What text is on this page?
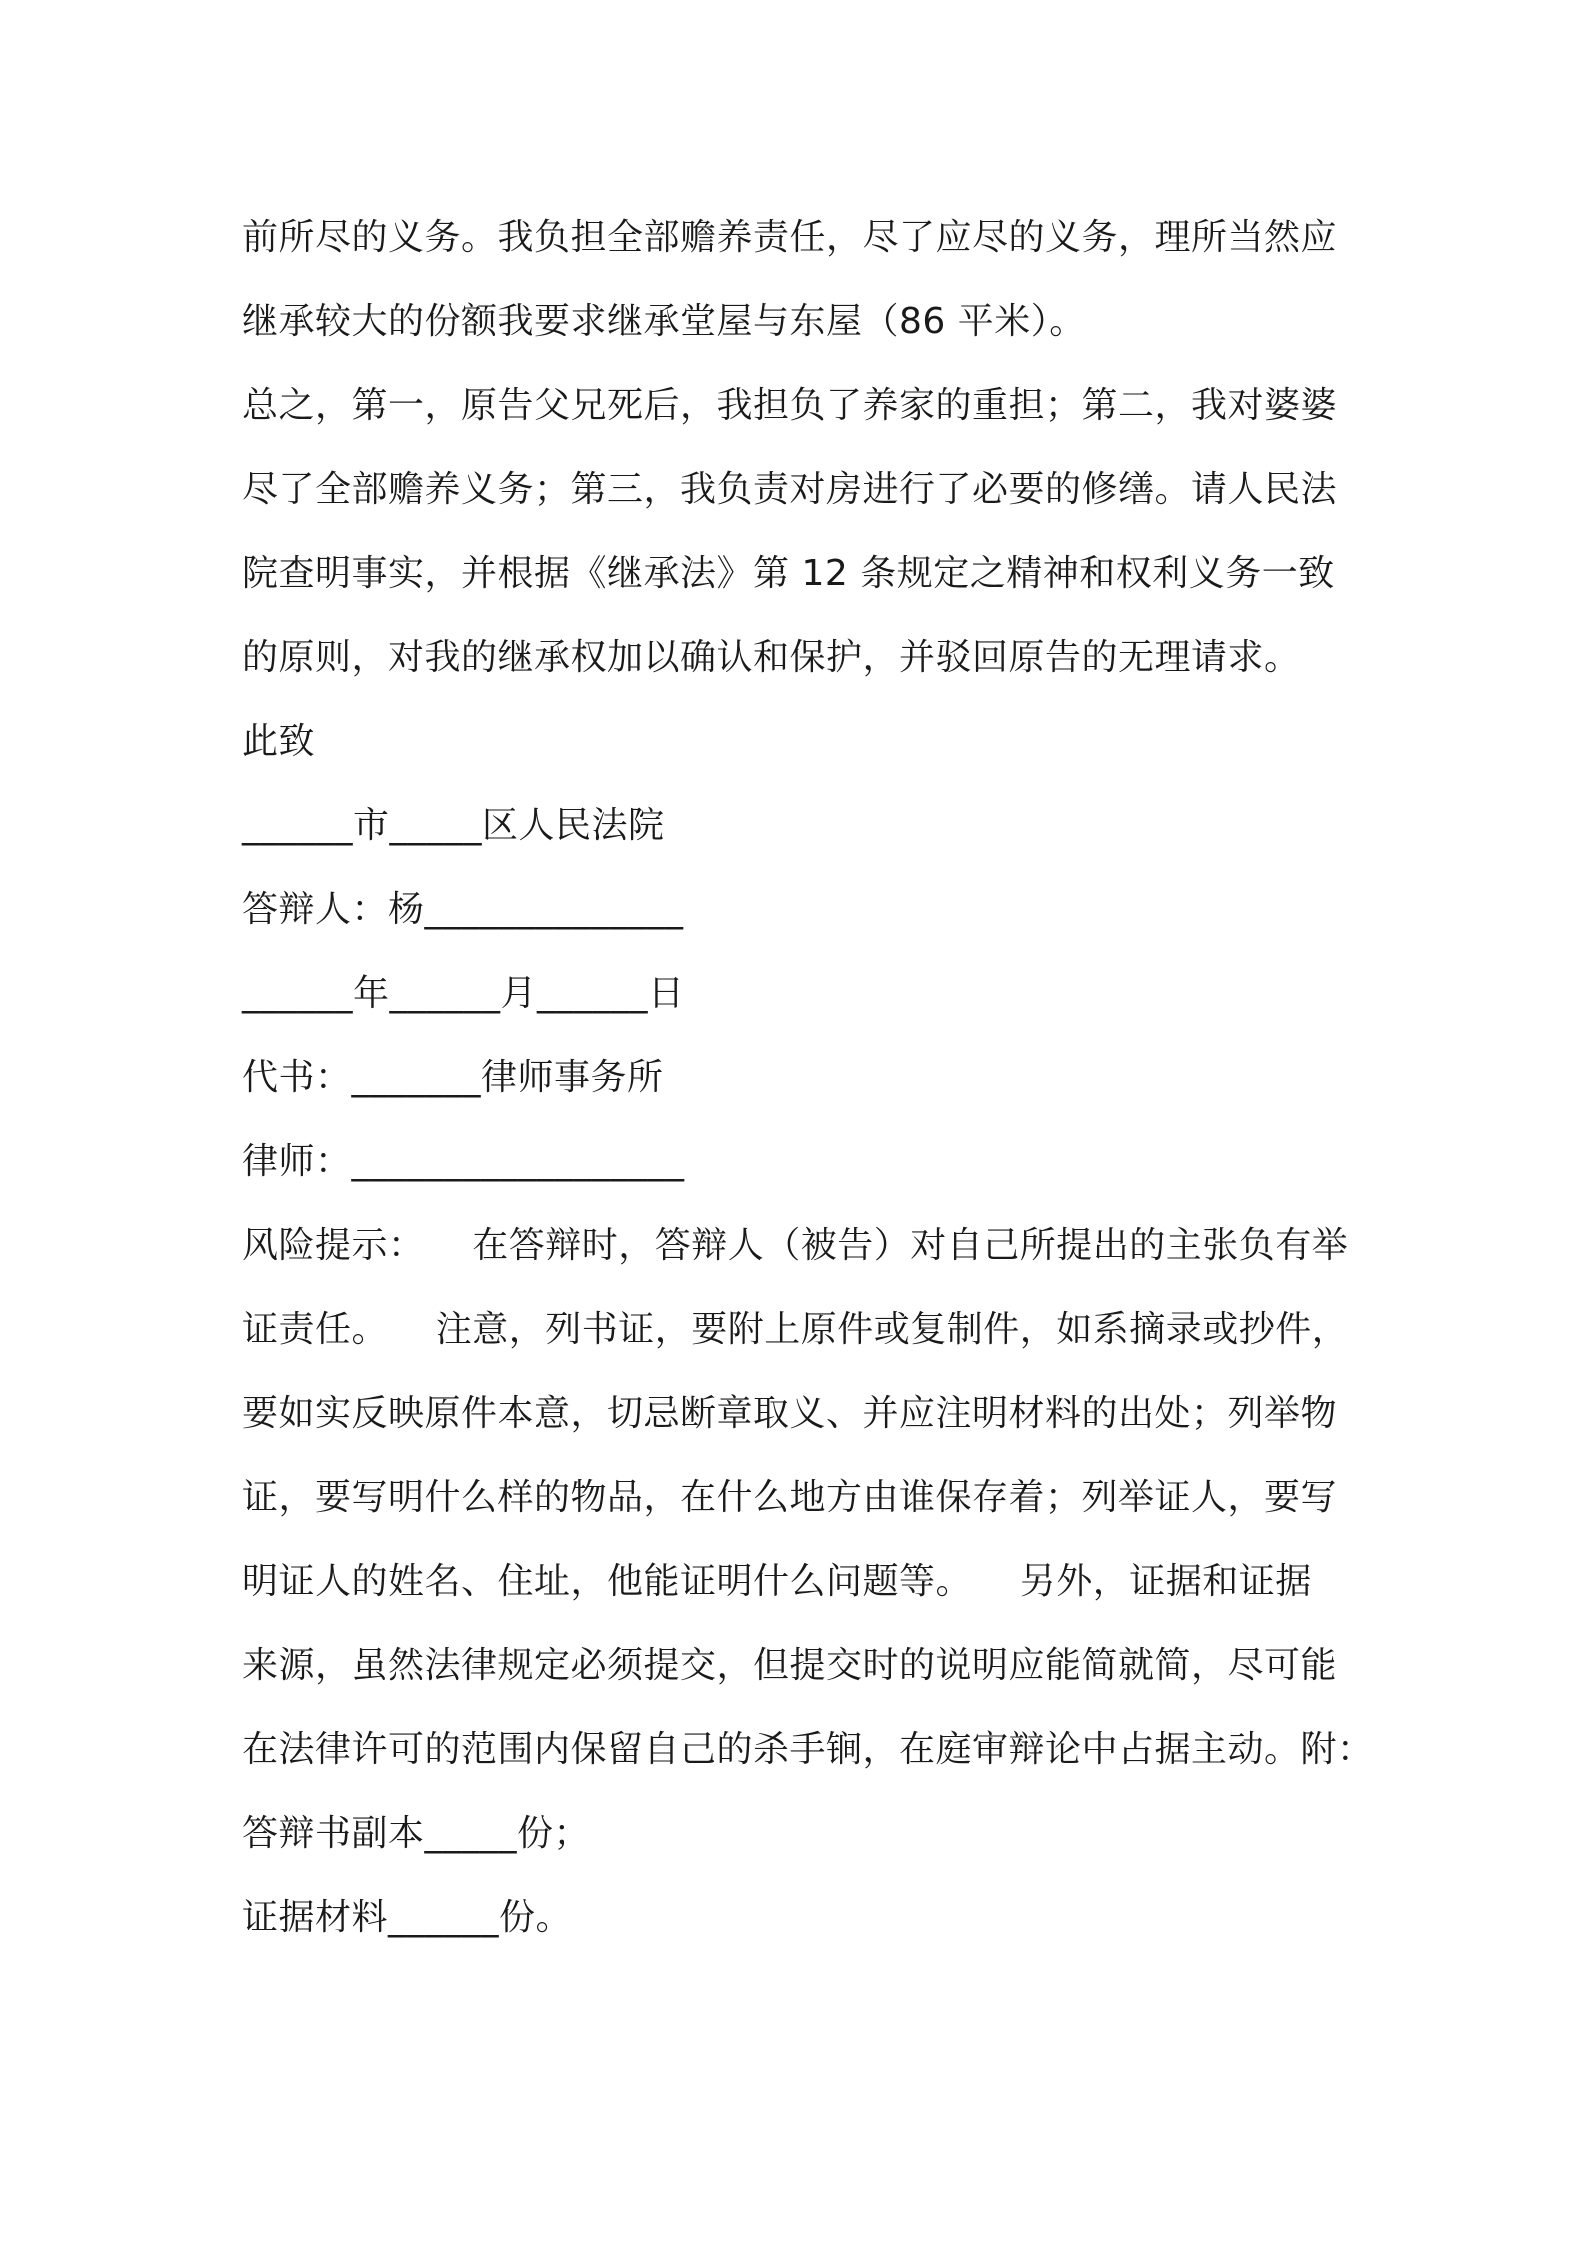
前所尽的义务。我负担全部赡养责任，尽了应尽的义务，理所当然应
继承较大的份额我要求继承堂屋与东屋（86 平米）。
总之，第一，原告父兄死后，我担负了养家的重担；第二，我对婆婆
尽了全部赡养义务；第三，我负责对房进行了必要的修缮。请人民法
院查明事实，并根据《继承法》第 12 条规定之精神和权利义务一致
的原则，对我的继承权加以确认和保护，并驳回原告的无理请求。
此致
______市_____区人民法院
答辩人：杨______________
______年______月______日
代书：_______律师事务所
律师：__________________
风险提示：    在答辩时，答辩人（被告）对自己所提出的主张负有举
证责任。    注意，列书证，要附上原件或复制件，如系摘录或抄件，
要如实反映原件本意，切忌断章取义、并应注明材料的出处；列举物
证，要写明什么样的物品，在什么地方由谁保存着；列举证人，要写
明证人的姓名、住址，他能证明什么问题等。    另外，证据和证据
来源，虽然法律规定必须提交，但提交时的说明应能简就简，尽可能
在法律许可的范围内保留自己的杀手锏，在庭审辩论中占据主动。附：
答辩书副本_____份；
证据材料______份。
